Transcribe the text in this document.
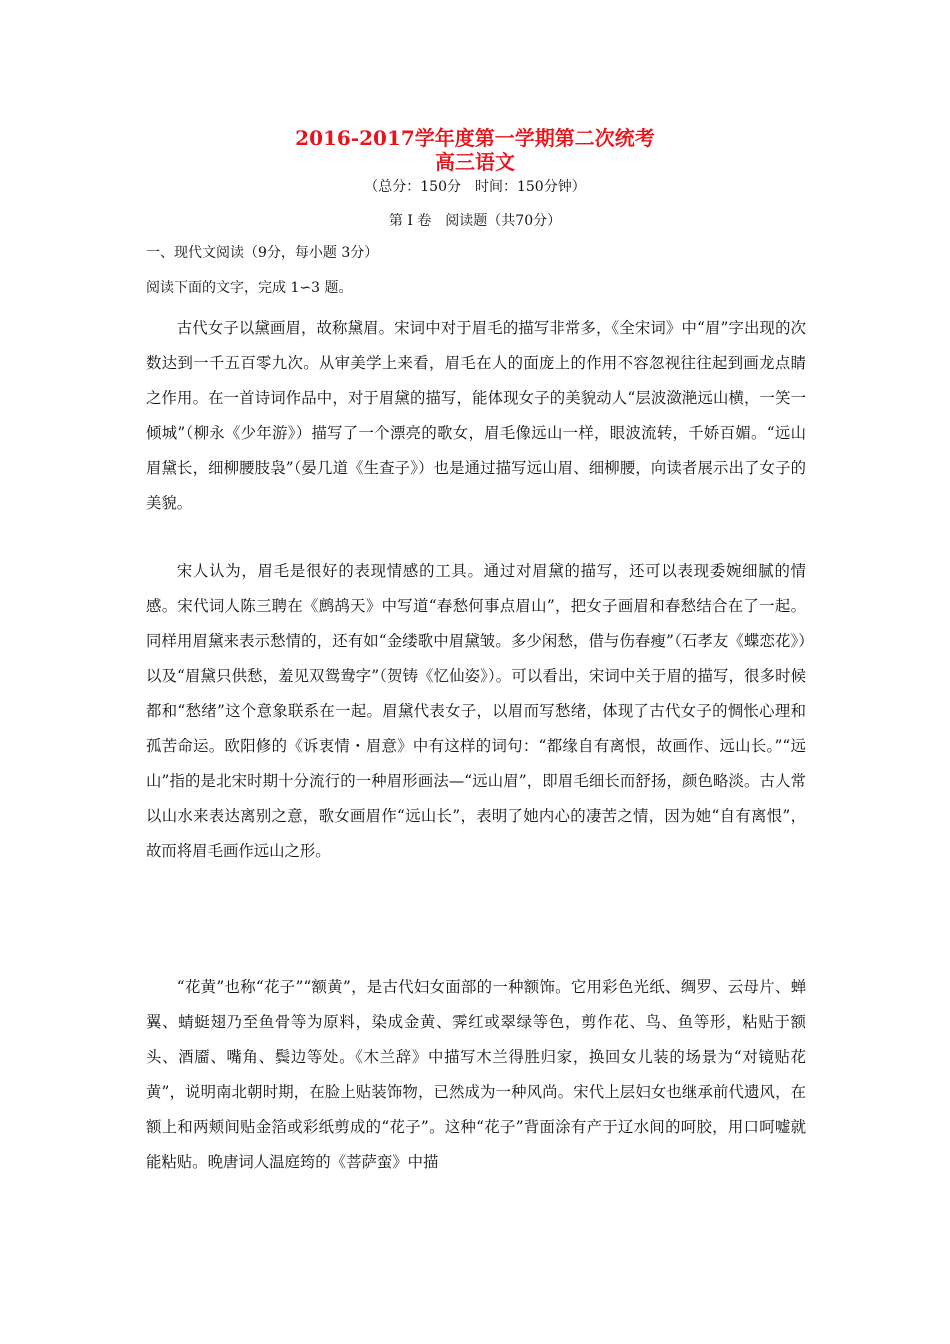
2016-2017学年度第一学期第二次统考
高三语文

（总分：150分　时间：150分钟）

第 Ⅰ 卷　阅读题（共70分）

一、现代文阅读（9分，每小题 3分）

阅读下面的文字，完成 1∽3 题。

古代女子以黛画眉，故称黛眉。宋词中对于眉毛的描写非常多，《全宋词》中“眉”字出现的次数达到一千五百零九次。从审美学上来看，眉毛在人的面庞上的作用不容忽视往往起到画龙点睛之作用。在一首诗词作品中，对于眉黛的描写，能体现女子的美貌动人“层波潋滟远山横，一笑一倾城”（柳永《少年游》）描写了一个漂亮的歌女，眉毛像远山一样，眼波流转，千娇百媚。“远山眉黛长，细柳腰肢袅”（晏几道《生查子》）也是通过描写远山眉、细柳腰，向读者展示出了女子的美貌。

宋人认为，眉毛是很好的表现情感的工具。通过对眉黛的描写，还可以表现委婉细腻的情感。宋代词人陈三聘在《鹧鸪天》中写道“春愁何事点眉山”，把女子画眉和春愁结合在了一起。同样用眉黛来表示愁情的，还有如“金缕歌中眉黛皱。多少闲愁，借与伤春瘦”（石孝友《蝶恋花》）以及“眉黛只供愁，羞见双鸳鸯字”（贺铸《忆仙姿》）。可以看出，宋词中关于眉的描写，很多时候都和“愁绪”这个意象联系在一起。眉黛代表女子，以眉而写愁绪，体现了古代女子的惆怅心理和孤苦命运。欧阳修的《诉衷情・眉意》中有这样的词句：“都缘自有离恨，故画作、远山长。”“远山”指的是北宋时期十分流行的一种眉形画法—“远山眉”，即眉毛细长而舒扬，颜色略淡。古人常以山水来表达离别之意，歌女画眉作“远山长”，表明了她内心的凄苦之情，因为她“自有离恨”，故而将眉毛画作远山之形。

“花黄”也称“花子”“额黄”，是古代妇女面部的一种额饰。它用彩色光纸、绸罗、云母片、蝉翼、蜻蜓翅乃至鱼骨等为原料，染成金黄、霁红或翠绿等色，剪作花、鸟、鱼等形，粘贴于额头、酒靥、嘴角、鬓边等处。《木兰辞》中描写木兰得胜归家，换回女儿装的场景为“对镜贴花黄”，说明南北朝时期，在脸上贴装饰物，已然成为一种风尚。宋代上层妇女也继承前代遗风，在额上和两颊间贴金箔或彩纸剪成的“花子”。这种“花子”背面涂有产于辽水间的呵胶，用口呵嘘就能粘贴。晚唐词人温庭筠的《菩萨蛮》中描
